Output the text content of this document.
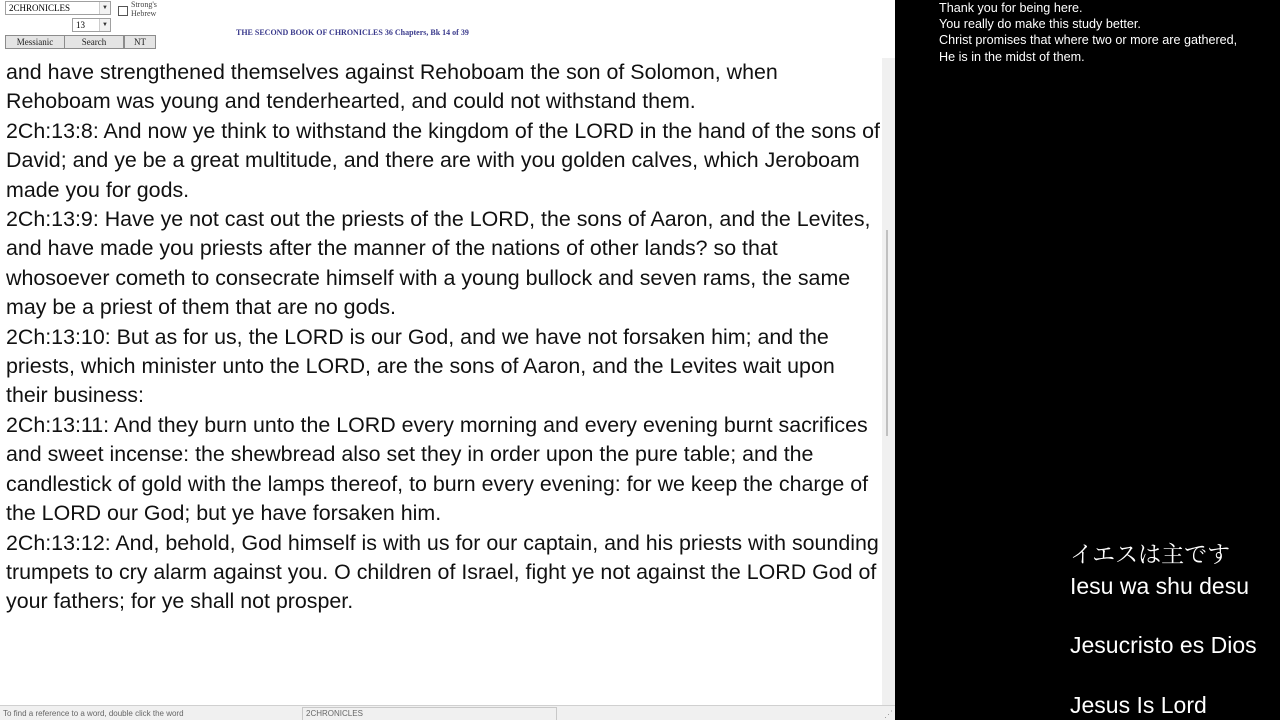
2CHRONICLES	▼
13	▼
Strong's Hebrew
Messianic	Search	NT
THE SECOND BOOK OF CHRONICLES 36 Chapters, Bk 14 of 39

and have strengthened themselves against Rehoboam the son of Solomon, when Rehoboam was young and tenderhearted, and could not withstand them.

2Ch:13:8: And now ye think to withstand the kingdom of the LORD in the hand of the sons of David; and ye be a great multitude, and there are with you golden calves, which Jeroboam made you for gods.

2Ch:13:9: Have ye not cast out the priests of the LORD, the sons of Aaron, and the Levites, and have made you priests after the manner of the nations of other lands? so that whosoever cometh to consecrate himself with a young bullock and seven rams, the same may be a priest of them that are no gods.

2Ch:13:10: But as for us, the LORD is our God, and we have not forsaken him; and the priests, which minister unto the LORD, are the sons of Aaron, and the Levites wait upon their business:

2Ch:13:11: And they burn unto the LORD every morning and every evening burnt sacrifices and sweet incense: the shewbread also set they in order upon the pure table; and the candlestick of gold with the lamps thereof, to burn every evening: for we keep the charge of the LORD our God; but ye have forsaken him.

2Ch:13:12: And, behold, God himself is with us for our captain, and his priests with sounding trumpets to cry alarm against you. O children of Israel, fight ye not against the LORD God of your fathers; for ye shall not prosper.

To find a reference to a word, double click the word	2CHRONICLES	⋰
Thank you for being here.
You really do make this study better.
Christ promises that where two or more are gathered,
He is in the midst of them.
イエスは主です
Iesu wa shu desu
Jesucristo es Dios
Jesus Is Lord
